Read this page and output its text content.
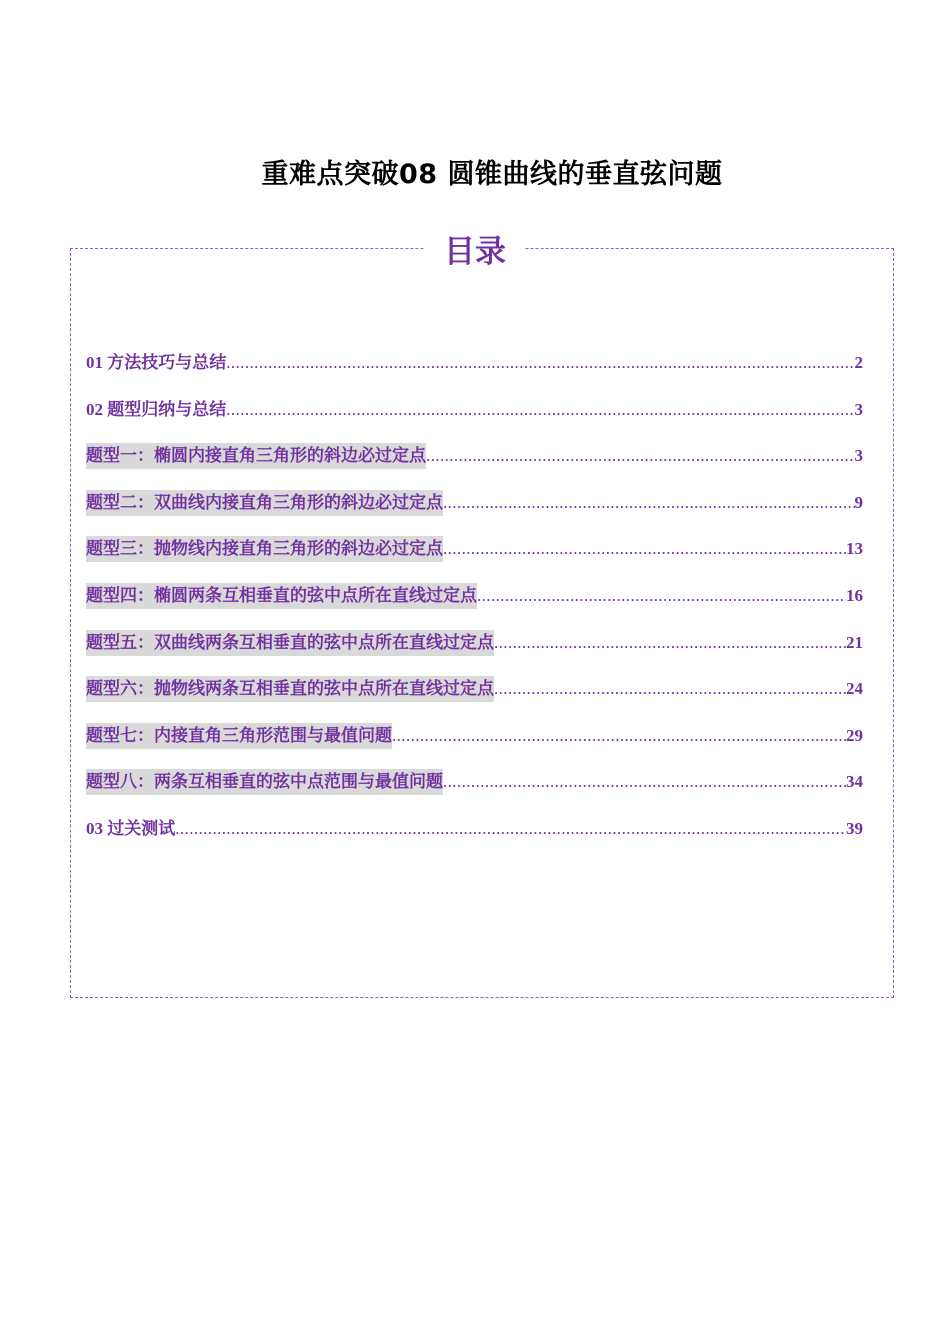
重难点突破08 圆锥曲线的垂直弦问题
目录
01 方法技巧与总结 .....	2
02 题型归纳与总结 .....	3
题型一：椭圆内接直角三角形的斜边必过定点 .....	3
题型二：双曲线内接直角三角形的斜边必过定点 .....	9
题型三：抛物线内接直角三角形的斜边必过定点 .....	13
题型四：椭圆两条互相垂直的弦中点所在直线过定点 .....	16
题型五：双曲线两条互相垂直的弦中点所在直线过定点 .....	21
题型六：抛物线两条互相垂直的弦中点所在直线过定点 .....	24
题型七：内接直角三角形范围与最值问题 .....	29
题型八：两条互相垂直的弦中点范围与最值问题 .....	34
03 过关测试 .....	39
